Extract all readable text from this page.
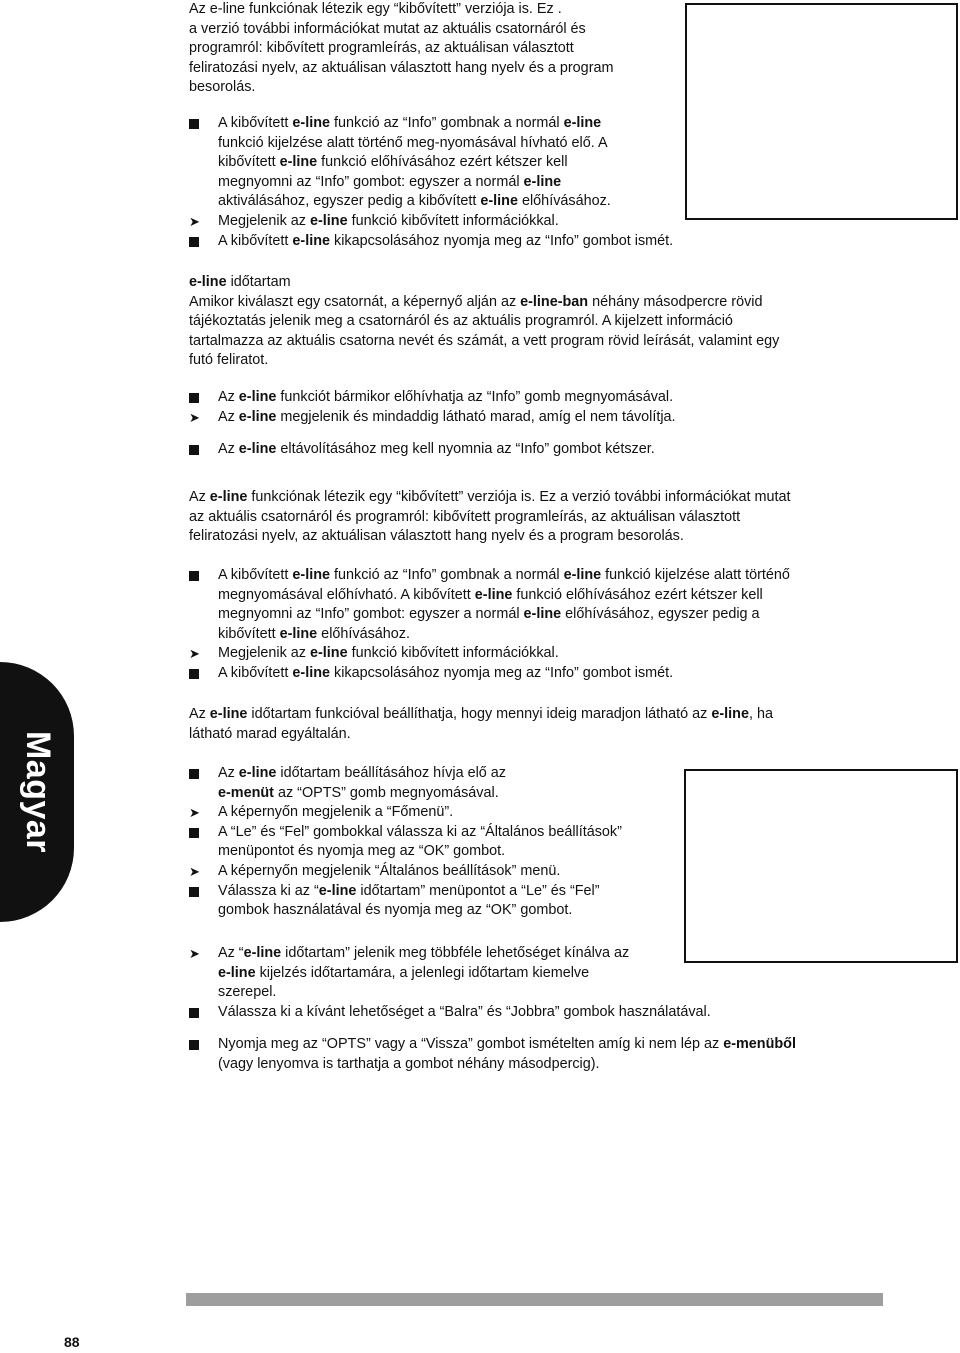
Magyar

Az e-line funkciónak létezik egy “kibővített” verziója is. Ez .

a verzió további információkat mutat az aktuális csatornáról és

programról: kibővített programleírás, az aktuálisan választott

feliratozási nyelv, az aktuálisan választott hang nyelv és a program

besorolás.

A kibővített e-line funkció az “Info” gombnak a normál e-line
funkció kijelzése alatt történő meg-nyomásával hívható elő. A
kibővített e-line funkció előhívásához ezért kétszer kell
megnyomni az “Info” gombot: egyszer a normál e-line
aktiválásához, egyszer pedig a kibővített e-line előhívásához.
➤ Megjelenik az e-line funkció kibővített információkkal.
A kibővített e-line kikapcsolásához nyomja meg az “Info” gombot ismét.

e-line időtartam

Amikor kiválaszt egy csatornát, a képernyő alján az e-line-ban néhány másodpercre rövid

tájékoztatás jelenik meg a csatornáról és az aktuális programról. A kijelzett információ

tartalmazza az aktuális csatorna nevét és számát, a vett program rövid leírását, valamint egy

futó feliratot.

Az e-line funkciót bármikor előhívhatja az “Info” gomb megnyomásával.
➤ Az e-line megjelenik és mindaddig látható marad, amíg el nem távolítja.
Az e-line eltávolításához meg kell nyomnia az “Info” gombot kétszer.

Az e-line funkciónak létezik egy “kibővített” verziója is. Ez a verzió további információkat mutat

az aktuális csatornáról és programról: kibővített programleírás, az aktuálisan választott

feliratozási nyelv, az aktuálisan választott hang nyelv és a program besorolás.

A kibővített e-line funkció az “Info” gombnak a normál e-line funkció kijelzése alatt történő
megnyomásával előhívható. A kibővített e-line funkció előhívásához ezért kétszer kell
megnyomni az “Info” gombot: egyszer a normál e-line előhívásához, egyszer pedig a
kibővített e-line előhívásához.
➤ Megjelenik az e-line funkció kibővített információkkal.
A kibővített e-line kikapcsolásához nyomja meg az “Info” gombot ismét.

Az e-line időtartam funkcióval beállíthatja, hogy mennyi ideig maradjon látható az e-line, ha

látható marad egyáltalán.

Az e-line időtartam beállításához hívja elő az
e-menüt az “OPTS” gomb megnyomásával.
➤ A képernyőn megjelenik a “Főmenü”.
A “Le” és “Fel” gombokkal válassza ki az “Általános beállítások”
menüpontot és nyomja meg az “OK” gombot.
➤ A képernyőn megjelenik “Általános beállítások” menü.
Válassza ki az “e-line időtartam” menüpontot a “Le” és “Fel”
gombok használatával és nyomja meg az “OK” gombot.
➤ Az “e-line időtartam” jelenik meg többféle lehetőséget kínálva az
e-line kijelzés időtartamára, a jelenlegi időtartam kiemelve
szerepel.
Válassza ki a kívánt lehetőséget a “Balra” és “Jobbra” gombok használatával.
Nyomja meg az “OPTS” vagy a “Vissza” gombot ismételten amíg ki nem lép az e-menüből
(vagy lenyomva is tarthatja a gombot néhány másodpercig).
88
